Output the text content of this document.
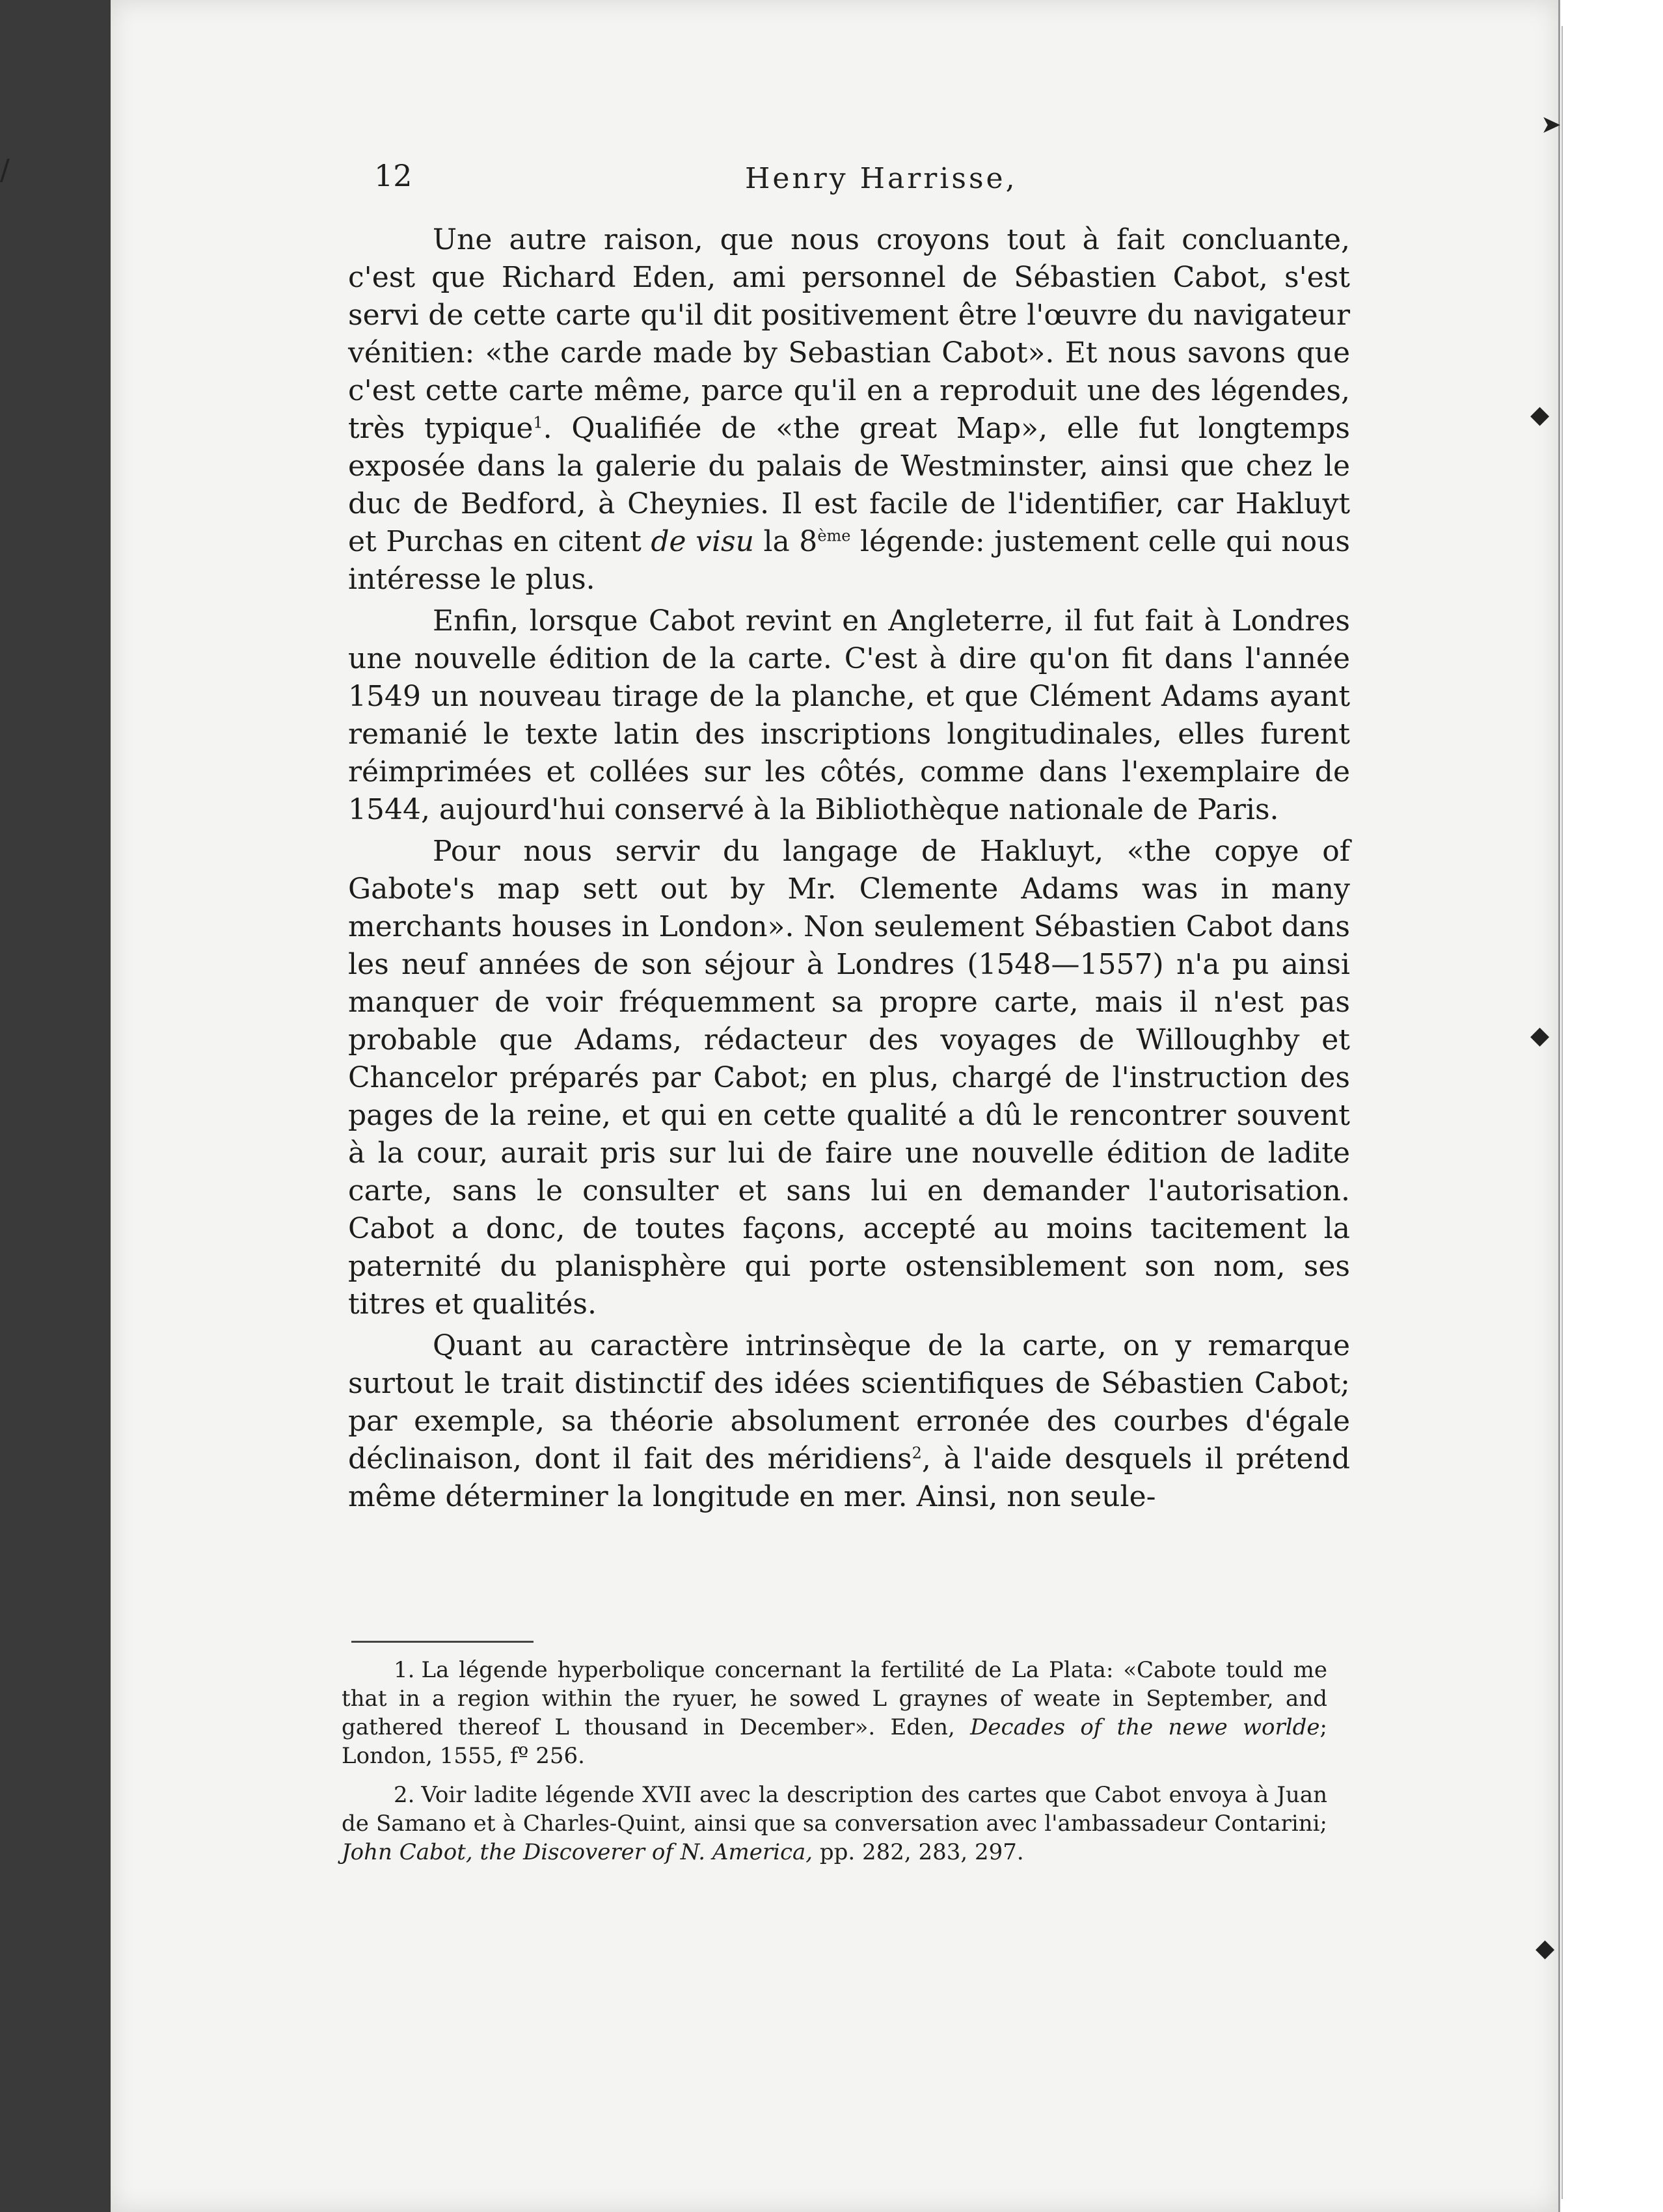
➤
◆
◆
◆
/	12	Henry Harrisse,

Une autre raison, que nous croyons tout à fait concluante, c'est que Richard Eden, ami personnel de Sébastien Cabot, s'est servi de cette carte qu'il dit positivement être l'œuvre du navigateur vénitien: «the carde made by Sebastian Cabot». Et nous savons que c'est cette carte même, parce qu'il en a reproduit une des légendes, très typique$^1$. Qualifiée de «the great Map», elle fut longtemps exposée dans la galerie du palais de Westminster, ainsi que chez le duc de Bedford, à Cheynies. Il est facile de l'identifier, car Hakluyt et Purchas en citent de visu la 8ème légende: justement celle qui nous intéresse le plus.

Enfin, lorsque Cabot revint en Angleterre, il fut fait à Londres une nouvelle édition de la carte. C'est à dire qu'on fit dans l'année 1549 un nouveau tirage de la planche, et que Clément Adams ayant remanié le texte latin des inscriptions longitudinales, elles furent réimprimées et collées sur les côtés, comme dans l'exemplaire de 1544, aujourd'hui conservé à la Bibliothèque nationale de Paris.

Pour nous servir du langage de Hakluyt, «the copye of Gabote's map sett out by Mr. Clemente Adams was in many merchants houses in London». Non seulement Sébastien Cabot dans les neuf années de son séjour à Londres (1548—1557) n'a pu ainsi manquer de voir fréquemment sa propre carte, mais il n'est pas probable que Adams, rédacteur des voyages de Willoughby et Chancelor préparés par Cabot; en plus, chargé de l'instruction des pages de la reine, et qui en cette qualité a dû le rencontrer souvent à la cour, aurait pris sur lui de faire une nouvelle édition de ladite carte, sans le consulter et sans lui en demander l'autorisation. Cabot a donc, de toutes façons, accepté au moins tacitement la paternité du planisphère qui porte ostensiblement son nom, ses titres et qualités.

Quant au caractère intrinsèque de la carte, on y remarque surtout le trait distinctif des idées scientifiques de Sébastien Cabot; par exemple, sa théorie absolument erronée des courbes d'égale déclinaison, dont il fait des méridiens$^2$, à l'aide desquels il prétend même déterminer la longitude en mer. Ainsi, non seule-

1. La légende hyperbolique concernant la fertilité de La Plata: «Cabote tould me that in a region within the ryuer, he sowed L graynes of weate in September, and gathered thereof L thousand in December». Eden, Decades of the newe worlde; London, 1555, fº 256.

2. Voir ladite légende XVII avec la description des cartes que Cabot envoya à Juan de Samano et à Charles-Quint, ainsi que sa conversation avec l'ambassadeur Contarini; John Cabot, the Discoverer of N. America, pp. 282, 283, 297.
